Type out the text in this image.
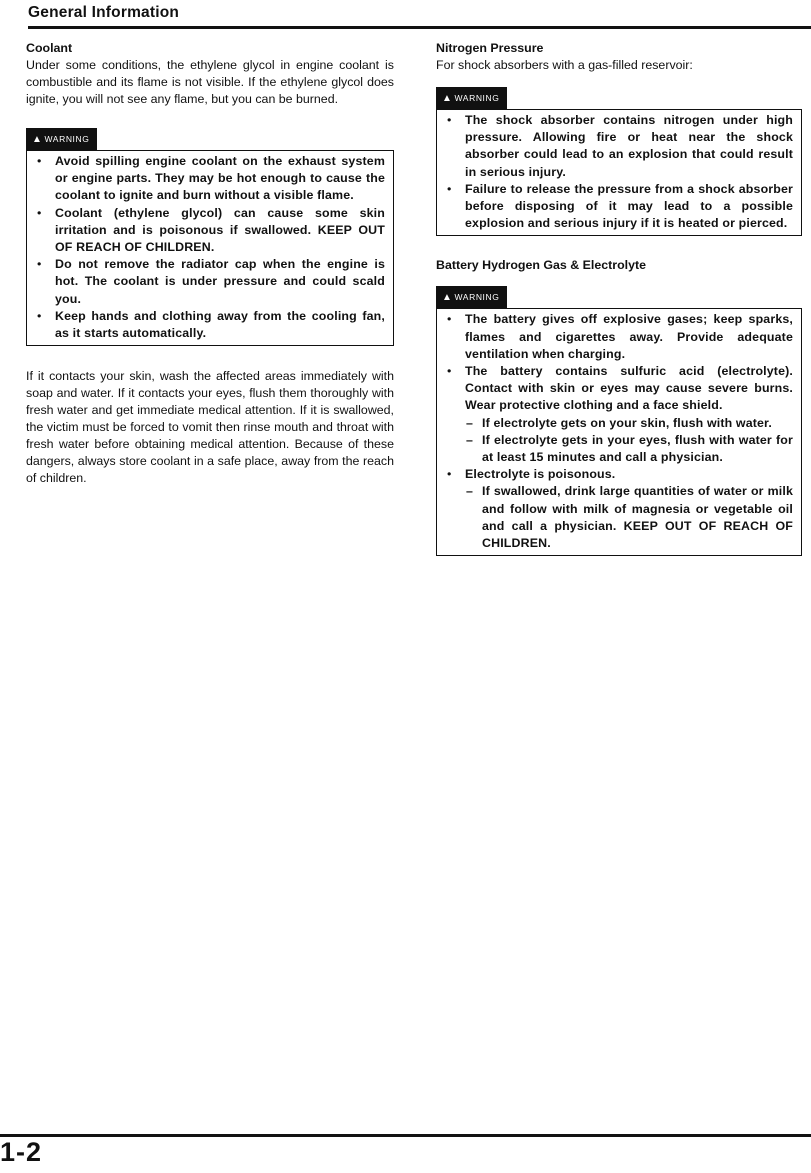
General Information
Coolant

Under some conditions, the ethylene glycol in engine coolant is combustible and its flame is not visible. If the ethylene glycol does ignite, you will not see any flame, but you can be burned.

▲ WARNING
• Avoid spilling engine coolant on the exhaust system or engine parts. They may be hot enough to cause the coolant to ignite and burn without a visible flame.
• Coolant (ethylene glycol) can cause some skin irritation and is poisonous if swallowed. KEEP OUT OF REACH OF CHILDREN.
• Do not remove the radiator cap when the engine is hot. The coolant is under pressure and could scald you.
• Keep hands and clothing away from the cooling fan, as it starts automatically.

If it contacts your skin, wash the affected areas immediately with soap and water. If it contacts your eyes, flush them thoroughly with fresh water and get immediate medical attention. If it is swallowed, the victim must be forced to vomit then rinse mouth and throat with fresh water before obtaining medical attention. Because of these dangers, always store coolant in a safe place, away from the reach of children.

Nitrogen Pressure

For shock absorbers with a gas-filled reservoir:

▲ WARNING
• The shock absorber contains nitrogen under high pressure. Allowing fire or heat near the shock absorber could lead to an explosion that could result in serious injury.
• Failure to release the pressure from a shock absorber before disposing of it may lead to a possible explosion and serious injury if it is heated or pierced.
Battery Hydrogen Gas & Electrolyte
▲ WARNING
• The battery gives off explosive gases; keep sparks, flames and cigarettes away. Provide adequate ventilation when charging.
• The battery contains sulfuric acid (electrolyte). Contact with skin or eyes may cause severe burns. Wear protective clothing and a face shield.
– If electrolyte gets on your skin, flush with water.
– If electrolyte gets in your eyes, flush with water for at least 15 minutes and call a physician.
• Electrolyte is poisonous.
– If swallowed, drink large quantities of water or milk and follow with milk of magnesia or vegetable oil and call a physician. KEEP OUT OF REACH OF CHILDREN.
1-2
